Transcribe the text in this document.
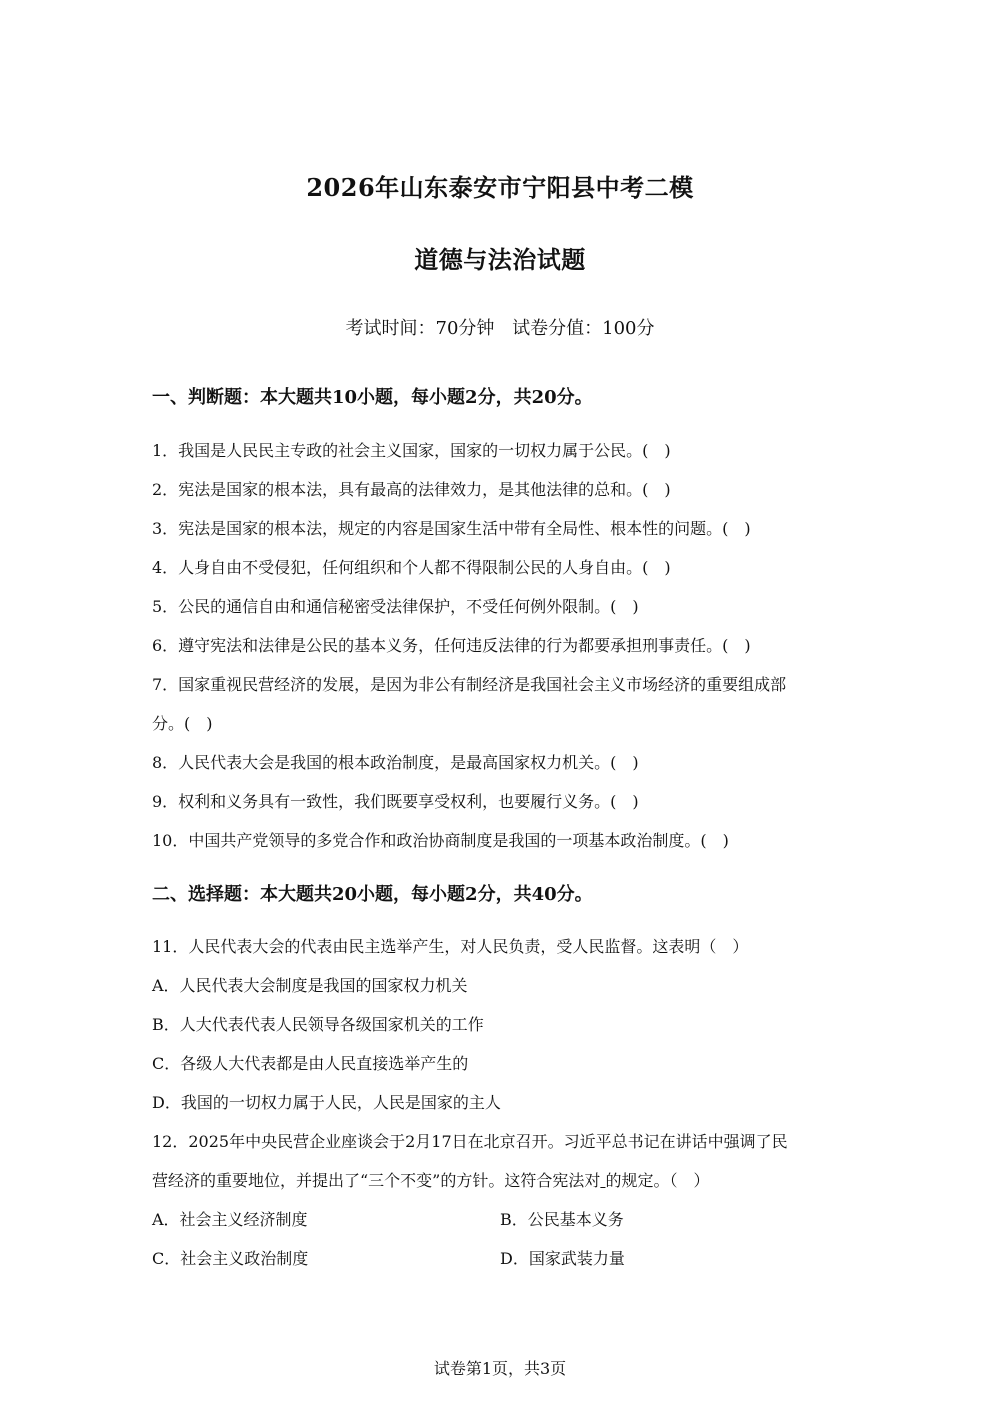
2026年山东泰安市宁阳县中考二模
道德与法治试题
考试时间：70分钟 试卷分值：100分
一、判断题：本大题共10小题，每小题2分，共20分。
1．我国是人民民主专政的社会主义国家，国家的一切权力属于公民。(　)
2．宪法是国家的根本法，具有最高的法律效力，是其他法律的总和。(　)
3．宪法是国家的根本法，规定的内容是国家生活中带有全局性、根本性的问题。(　)
4．人身自由不受侵犯，任何组织和个人都不得限制公民的人身自由。(　)
5．公民的通信自由和通信秘密受法律保护，不受任何例外限制。(　)
6．遵守宪法和法律是公民的基本义务，任何违反法律的行为都要承担刑事责任。(　)
7．国家重视民营经济的发展，是因为非公有制经济是我国社会主义市场经济的重要组成部
分。(　)
8．人民代表大会是我国的根本政治制度，是最高国家权力机关。(　)
9．权利和义务具有一致性，我们既要享受权利，也要履行义务。(　)
10．中国共产党领导的多党合作和政治协商制度是我国的一项基本政治制度。(　)
二、选择题：本大题共20小题，每小题2分，共40分。
11．人民代表大会的代表由民主选举产生，对人民负责，受人民监督。这表明（　）
A．人民代表大会制度是我国的国家权力机关
B．人大代表代表人民领导各级国家机关的工作
C．各级人大代表都是由人民直接选举产生的
D．我国的一切权力属于人民，人民是国家的主人
12．2025年中央民营企业座谈会于2月17日在北京召开。习近平总书记在讲话中强调了民
营经济的重要地位，并提出了“三个不变”的方针。这符合宪法对 的规定。（　）
A．社会主义经济制度	B．公民基本义务
C．社会主义政治制度	D．国家武装力量
试卷第1页，共3页
